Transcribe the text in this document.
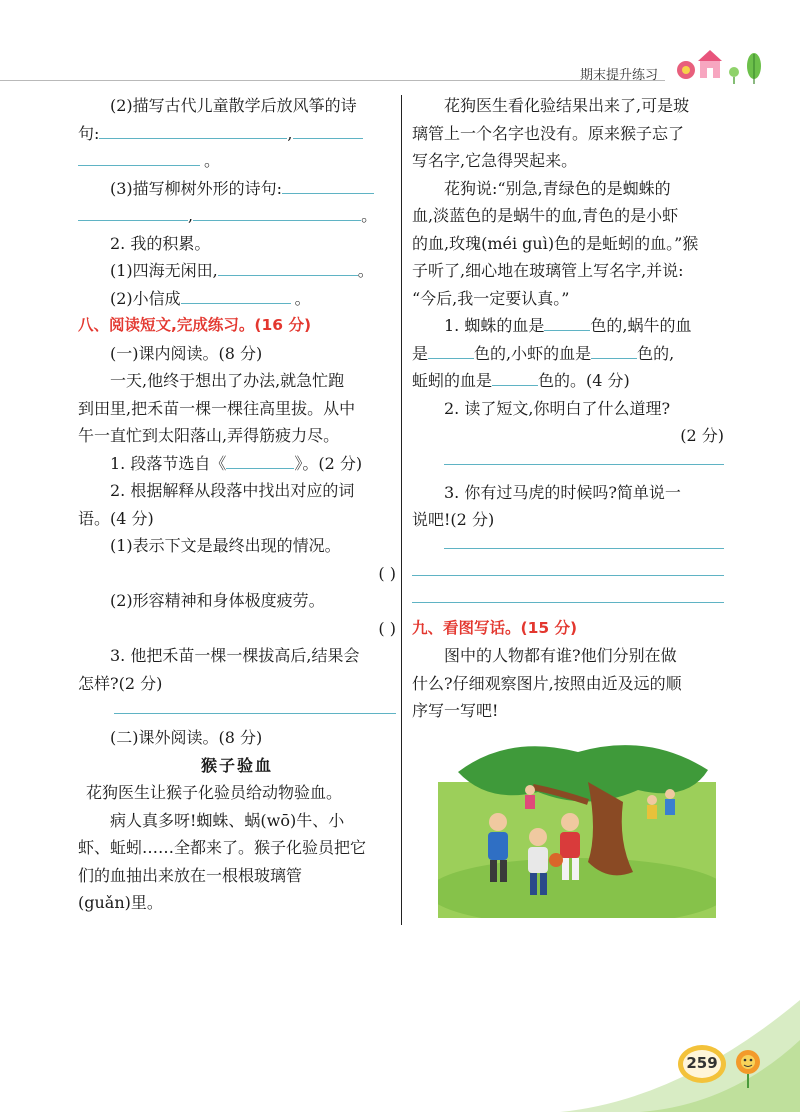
期末提升练习
(2)描写古代儿童散学后放风筝的诗
句:	,
。
(3)描写柳树外形的诗句:
,	。
2. 我的积累。
(1)四海无闲田,	。
(2)小信成	。
八、阅读短文,完成练习。(16 分)
(一)课内阅读。(8 分)
一天,他终于想出了办法,就急忙跑
到田里,把禾苗一棵一棵往高里拔。从中
午一直忙到太阳落山,弄得筋疲力尽。
1. 段落节选自《	》。(2 分)
2. 根据解释从段落中找出对应的词
语。(4 分)
(1)表示下文是最终出现的情况。
( )
(2)形容精神和身体极度疲劳。
( )
3. 他把禾苗一棵一棵拔高后,结果会
怎样?(2 分)
(二)课外阅读。(8 分)
猴子验血
花狗医生让猴子化验员给动物验血。
病人真多呀!蜘蛛、蜗(wō)牛、小
虾、蚯蚓……全都来了。猴子化验员把它
们的血抽出来放在一根根玻璃管
(guǎn)里。
花狗医生看化验结果出来了,可是玻
璃管上一个名字也没有。原来猴子忘了
写名字,它急得哭起来。
花狗说:“别急,青绿色的是蜘蛛的
血,淡蓝色的是蜗牛的血,青色的是小虾
的血,玫瑰(méi guì)色的是蚯蚓的血。”猴
子听了,细心地在玻璃管上写名字,并说:
“今后,我一定要认真。”
1. 蜘蛛的血是	色的,蜗牛的血
是	色的,小虾的血是	色的,
蚯蚓的血是	色的。(4 分)
2. 读了短文,你明白了什么道理?
(2 分)
3. 你有过马虎的时候吗?简单说一
说吧!(2 分)
九、看图写话。(15 分)
图中的人物都有谁?他们分别在做
什么?仔细观察图片,按照由近及远的顺
序写一写吧!
259
